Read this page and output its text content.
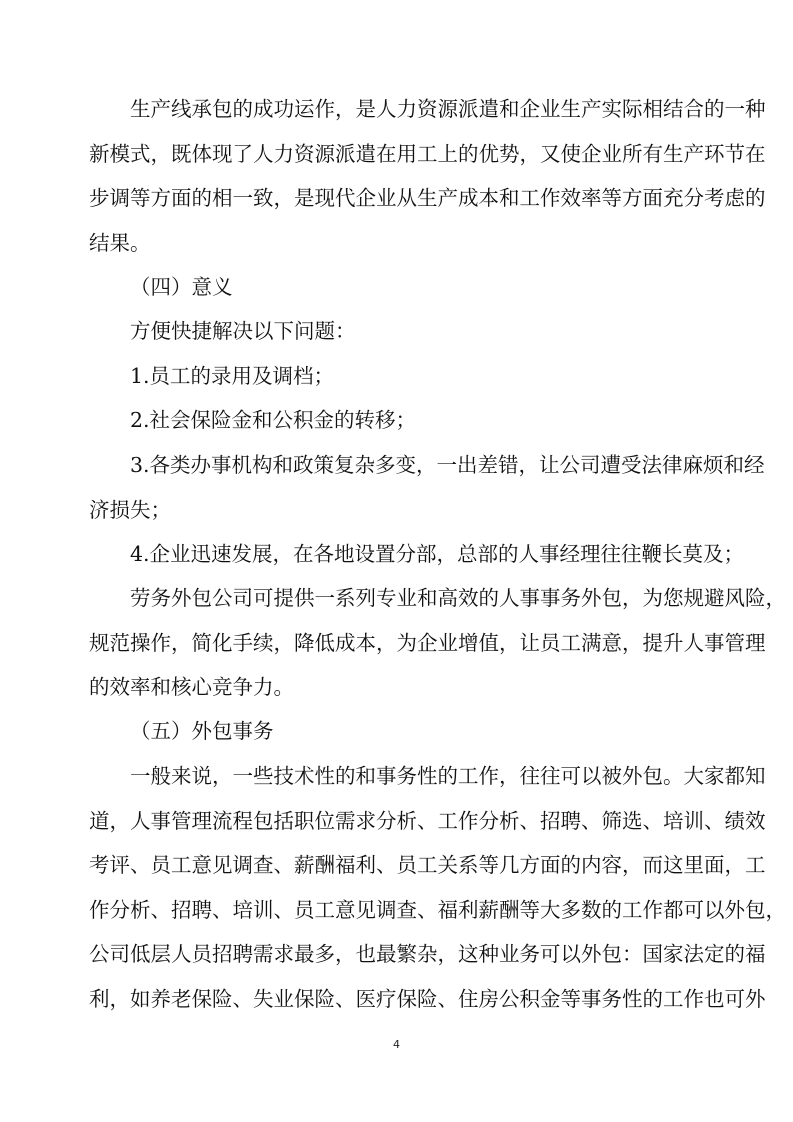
生产线承包的成功运作，是人力资源派遣和企业生产实际相结合的一种
新模式，既体现了人力资源派遣在用工上的优势，又使企业所有生产环节在
步调等方面的相一致，是现代企业从生产成本和工作效率等方面充分考虑的
结果。
（四）意义
方便快捷解决以下问题：
1.员工的录用及调档；
2.社会保险金和公积金的转移；
3.各类办事机构和政策复杂多变，一出差错，让公司遭受法律麻烦和经
济损失；
4.企业迅速发展，在各地设置分部，总部的人事经理往往鞭长莫及；
劳务外包公司可提供一系列专业和高效的人事事务外包，为您规避风险，
规范操作，简化手续，降低成本，为企业增值，让员工满意，提升人事管理
的效率和核心竞争力。
（五）外包事务
一般来说，一些技术性的和事务性的工作，往往可以被外包。大家都知
道，人事管理流程包括职位需求分析、工作分析、招聘、筛选、培训、绩效
考评、员工意见调查、薪酬福利、员工关系等几方面的内容，而这里面，工
作分析、招聘、培训、员工意见调查、福利薪酬等大多数的工作都可以外包，
公司低层人员招聘需求最多，也最繁杂，这种业务可以外包：国家法定的福
利，如养老保险、失业保险、医疗保险、住房公积金等事务性的工作也可外
4
